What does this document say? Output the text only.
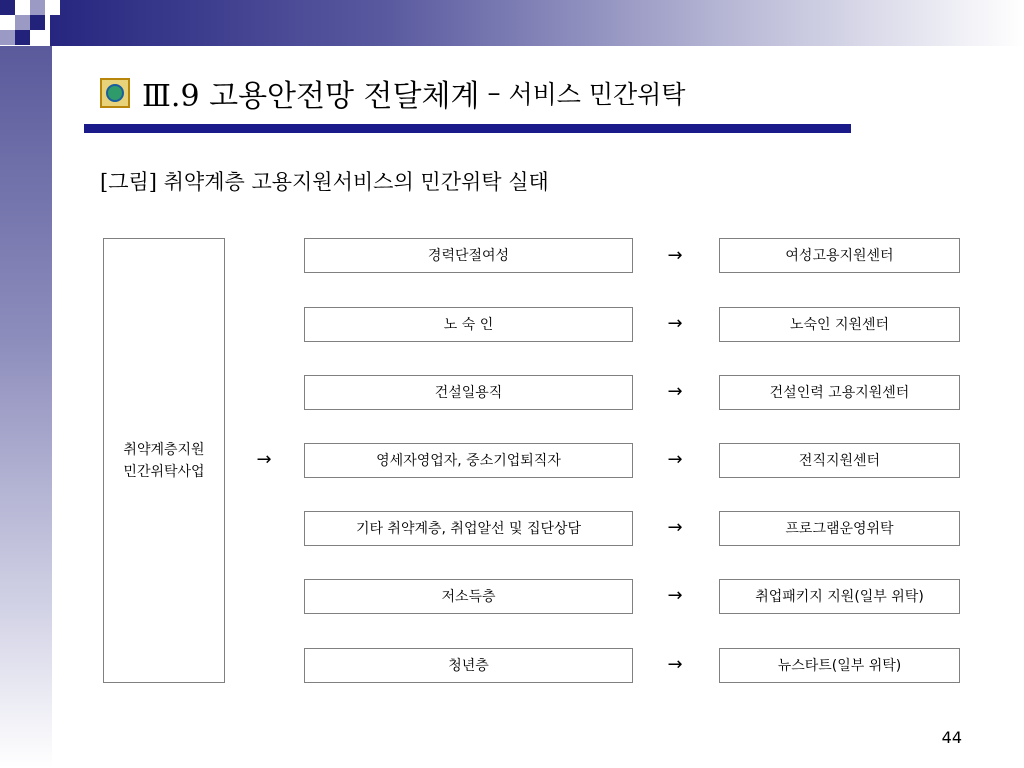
Ⅲ.9 고용안전망 전달체계 – 서비스 민간위탁
[그림] 취약계층 고용지원서비스의 민간위탁 실태
취약계층지원
민간위탁사업
→
경력단절여성	→	여성고용지원센터
노 숙 인	→	노숙인 지원센터
건설일용직	→	건설인력 고용지원센터
영세자영업자, 중소기업퇴직자	→	전직지원센터
기타 취약계층, 취업알선 및 집단상담	→	프로그램운영위탁
저소득층	→	취업패키지 지원(일부 위탁)
청년층	→	뉴스타트(일부 위탁)
44
